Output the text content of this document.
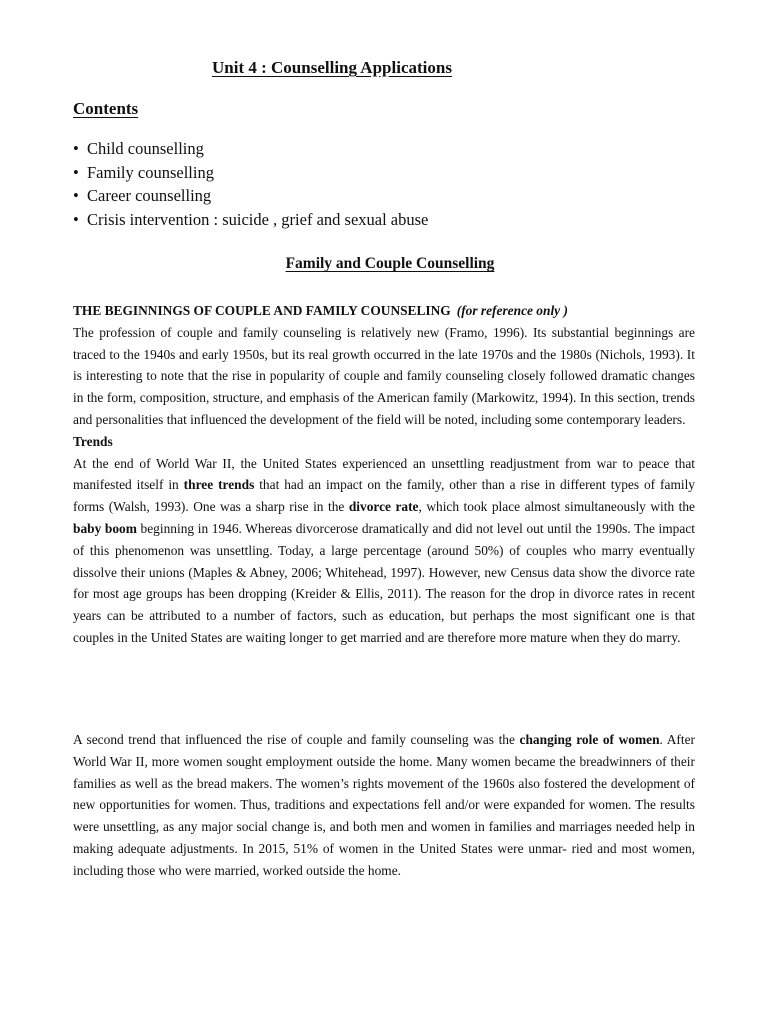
Unit 4 : Counselling Applications
Contents
• Child counselling
• Family counselling
• Career counselling
• Crisis intervention : suicide , grief and sexual abuse
Family and Couple Counselling
THE BEGINNINGS OF COUPLE AND FAMILY COUNSELING (for reference only )

The profession of couple and family counseling is relatively new (Framo, 1996). Its substantial beginnings are traced to the 1940s and early 1950s, but its real growth occurred in the late 1970s and the 1980s (Nichols, 1993). It is interesting to note that the rise in popularity of couple and family counseling closely followed dramatic changes in the form, composition, structure, and emphasis of the American family (Markowitz, 1994). In this section, trends and personalities that influenced the development of the field will be noted, including some contemporary leaders.

Trends

At the end of World War II, the United States experienced an unsettling readjustment from war to peace that manifested itself in three trends that had an impact on the family, other than a rise in different types of family forms (Walsh, 1993). One was a sharp rise in the divorce rate, which took place almost simultaneously with the baby boom beginning in 1946. Whereas divorcerose dramatically and did not level out until the 1990s. The impact of this phenomenon was unsettling. Today, a large percentage (around 50%) of couples who marry eventually dissolve their unions (Maples & Abney, 2006; Whitehead, 1997). However, new Census data show the divorce rate for most age groups has been dropping (Kreider & Ellis, 2011). The reason for the drop in divorce rates in recent years can be attributed to a number of factors, such as education, but perhaps the most significant one is that couples in the United States are waiting longer to get married and are therefore more mature when they do marry.

A second trend that influenced the rise of couple and family counseling was the changing role of women. After World War II, more women sought employment outside the home. Many women became the breadwinners of their families as well as the bread makers. The women’s rights movement of the 1960s also fostered the development of new opportunities for women. Thus, traditions and expectations fell and/or were expanded for women. The results were unsettling, as any major social change is, and both men and women in families and marriages needed help in making adequate adjustments. In 2015, 51% of women in the United States were unmar- ried and most women, including those who were married, worked outside the home.
